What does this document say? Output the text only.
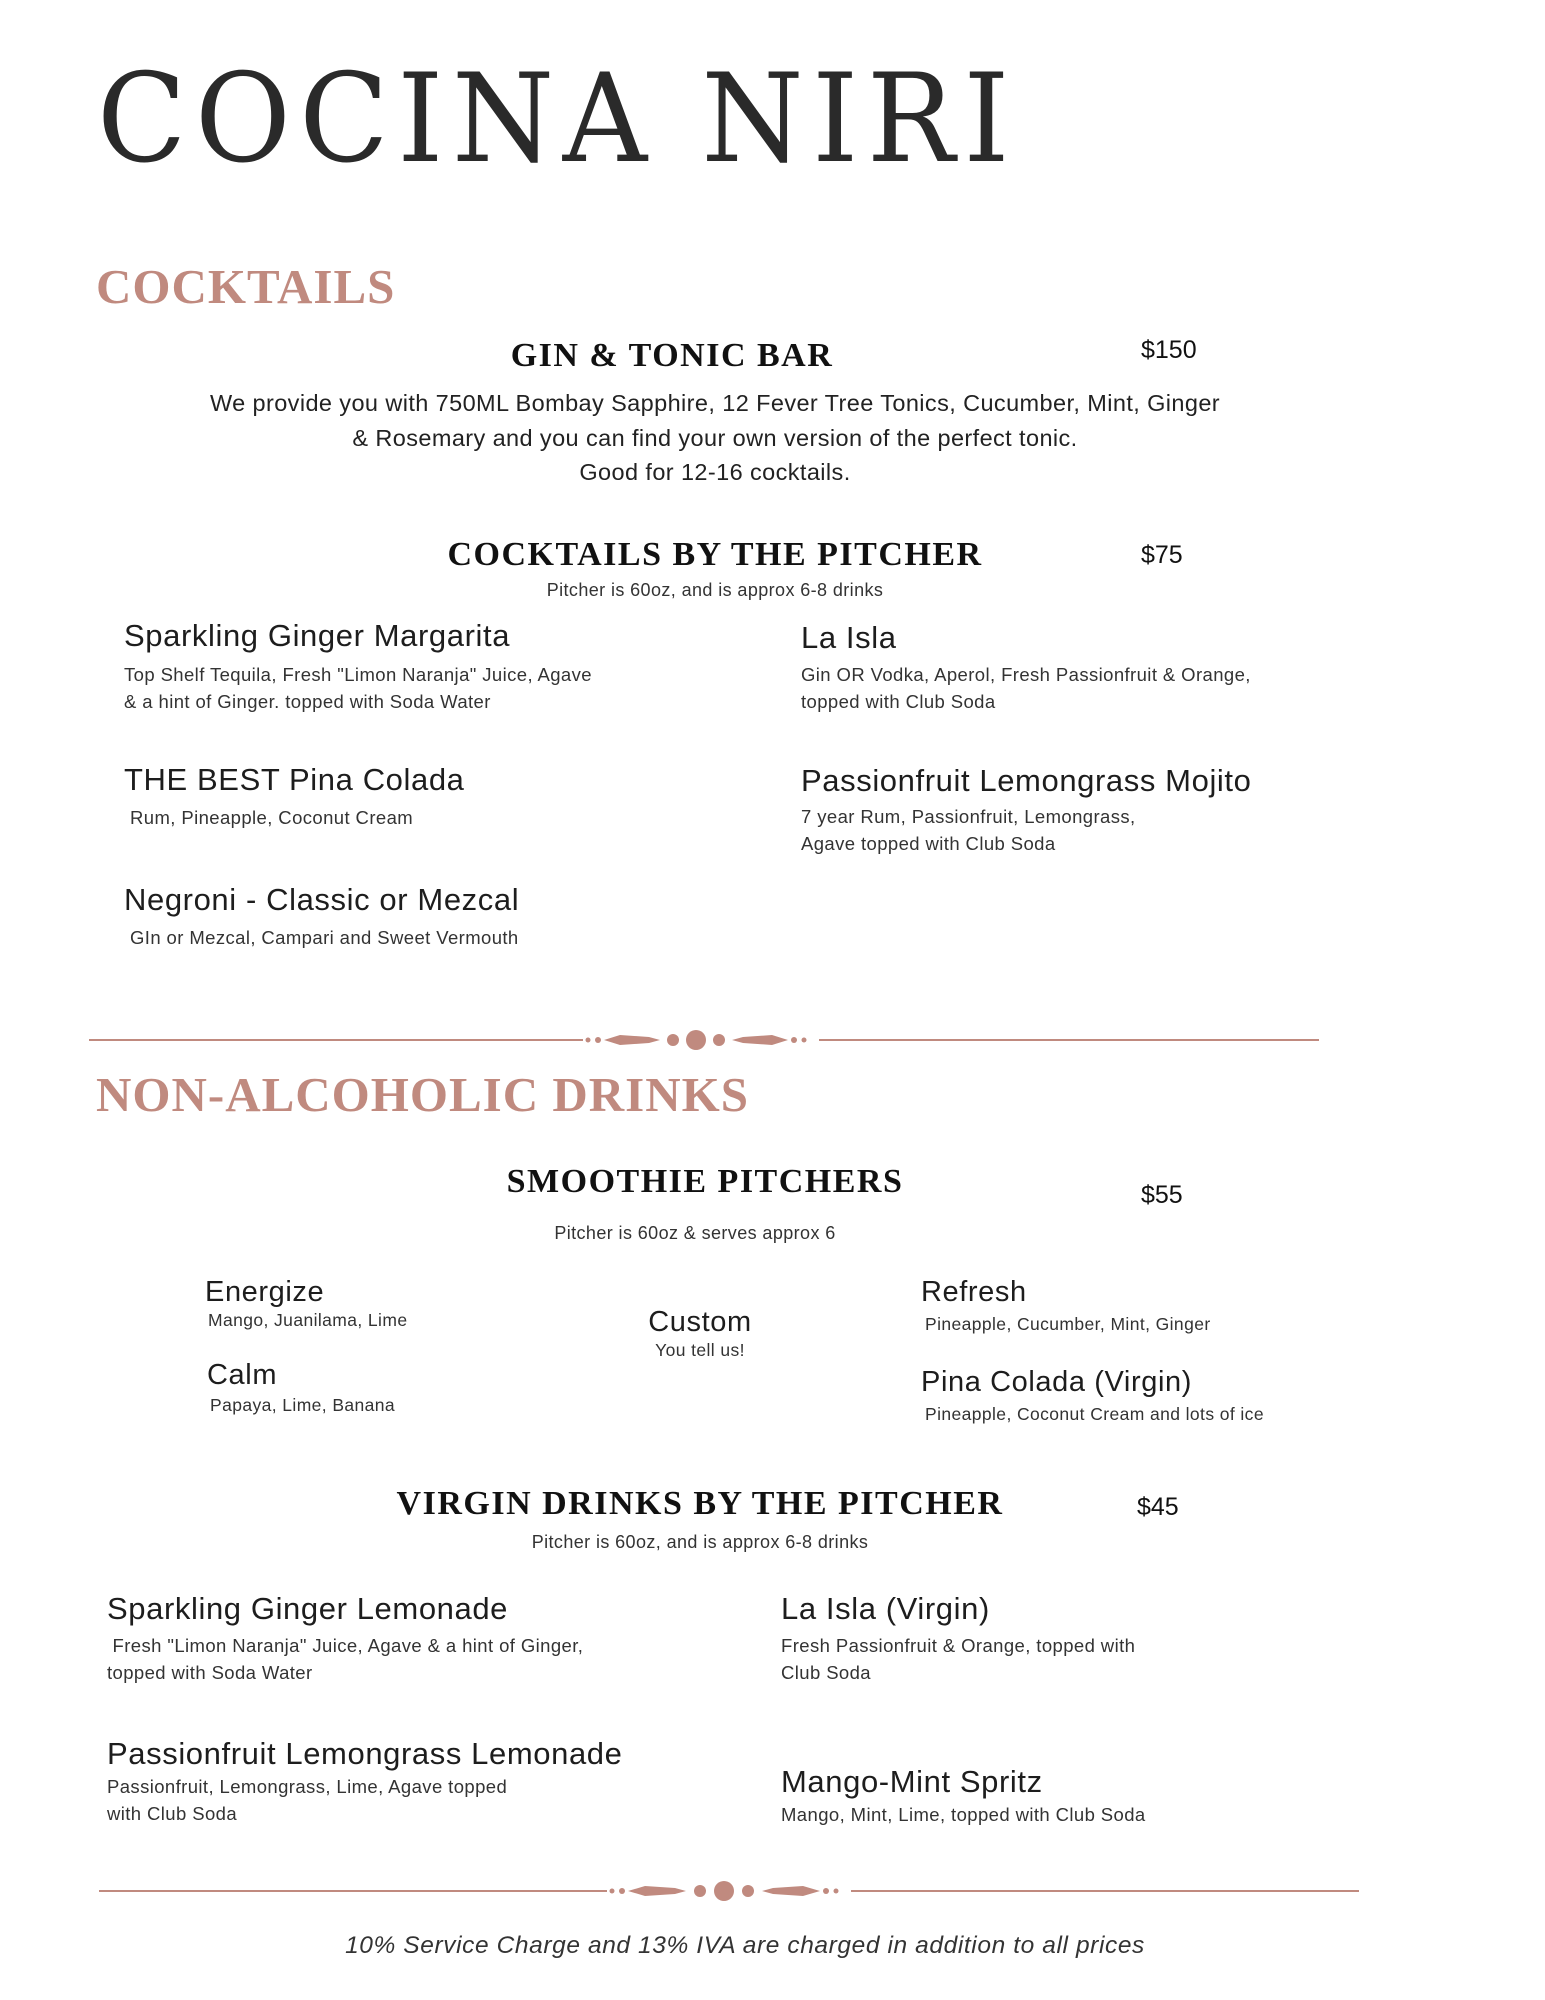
COCINA NIRI
COCKTAILS
GIN & TONIC BAR	$150
We provide you with 750ML Bombay Sapphire, 12 Fever Tree Tonics, Cucumber, Mint, Ginger
& Rosemary and you can find your own version of the perfect tonic.
Good for 12-16 cocktails.
COCKTAILS BY THE PITCHER	$75
Pitcher is 60oz, and is approx 6-8 drinks
Sparkling Ginger Margarita
Top Shelf Tequila, Fresh "Limon Naranja" Juice, Agave
& a hint of Ginger. topped with Soda Water
La Isla
Gin OR Vodka, Aperol, Fresh Passionfruit & Orange,
topped with Club Soda
THE BEST Pina Colada
Rum, Pineapple, Coconut Cream
Passionfruit Lemongrass Mojito
7 year Rum, Passionfruit, Lemongrass,
Agave topped with Club Soda
Negroni - Classic or Mezcal
GIn or Mezcal, Campari and Sweet Vermouth
NON-ALCOHOLIC DRINKS
SMOOTHIE PITCHERS	$55
Pitcher is 60oz & serves approx 6
Energize
Mango, Juanilama, Lime
Calm
Papaya, Lime, Banana
Custom
You tell us!
Refresh
Pineapple, Cucumber, Mint, Ginger
Pina Colada (Virgin)
Pineapple, Coconut Cream and lots of ice
VIRGIN DRINKS BY THE PITCHER	$45
Pitcher is 60oz, and is approx 6-8 drinks
Sparkling Ginger Lemonade
Fresh "Limon Naranja" Juice, Agave & a hint of Ginger,
topped with Soda Water
La Isla (Virgin)
Fresh Passionfruit & Orange, topped with
Club Soda
Passionfruit Lemongrass Lemonade
Passionfruit, Lemongrass, Lime, Agave topped
with Club Soda
Mango-Mint Spritz
Mango, Mint, Lime, topped with Club Soda
10% Service Charge and 13% IVA are charged in addition to all prices
